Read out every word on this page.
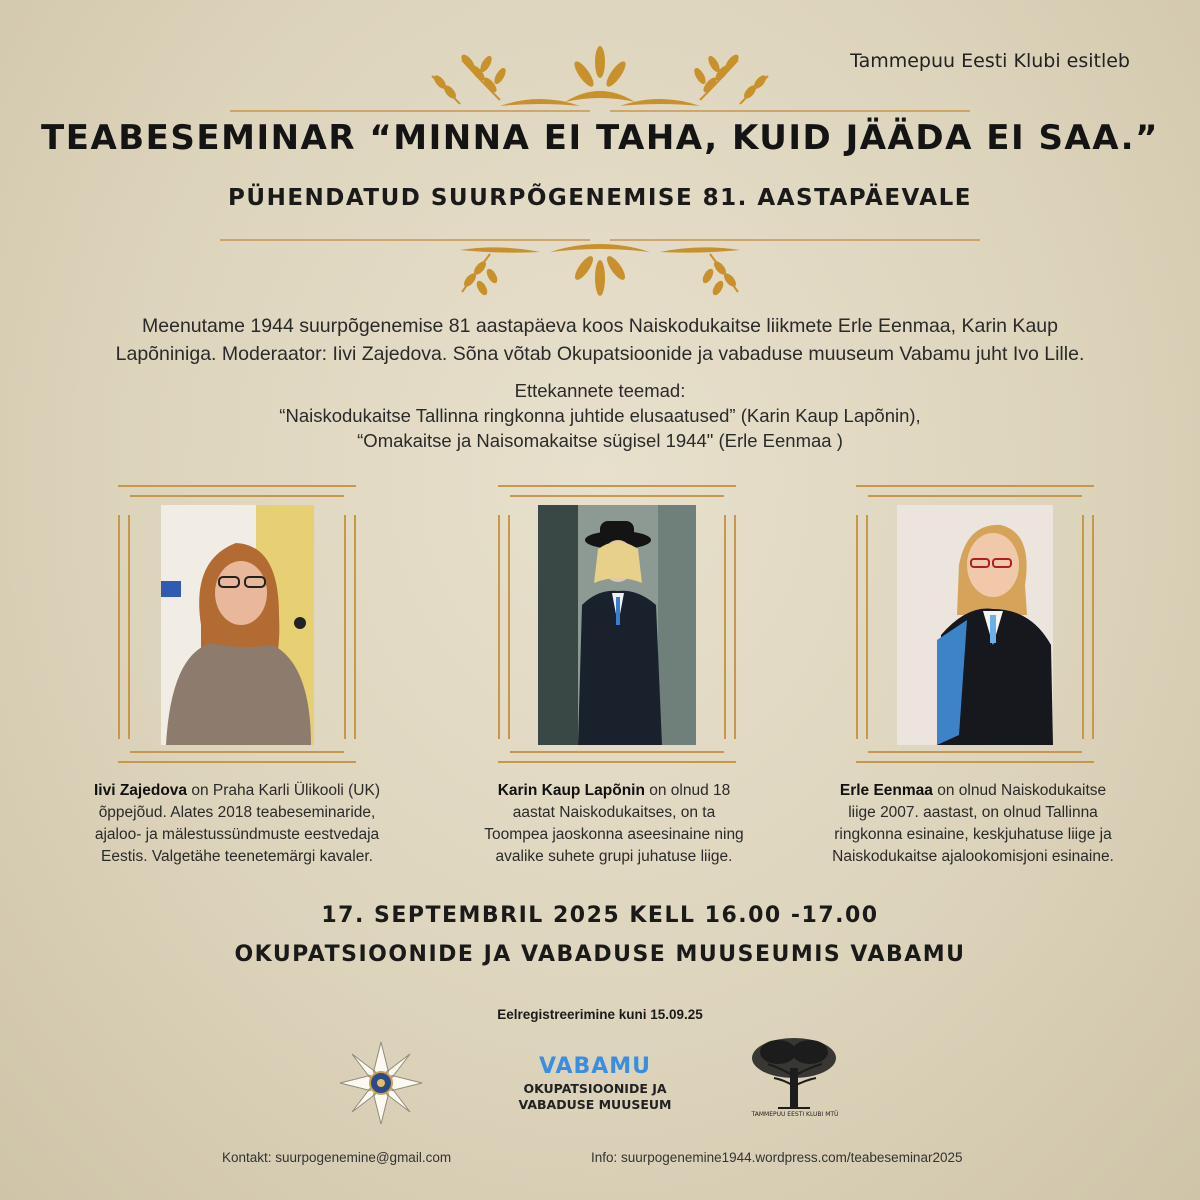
Tammepuu Eesti Klubi esitleb
TEABESEMINAR “MINNA EI TAHA, KUID JÄÄDA EI SAA.”
PÜHENDATUD SUURPÕGENEMISE 81. AASTAPÄEVALE
Meenutame 1944 suurpõgenemise 81 aastapäeva koos Naiskodukaitse liikmete Erle Eenmaa, Karin Kaup
Lapõniniga. Moderaator: Iivi Zajedova. Sõna võtab Okupatsioonide ja vabaduse muuseum Vabamu juht Ivo Lille.
Ettekannete teemad:
“Naiskodukaitse Tallinna ringkonna juhtide elusaatused” (Karin Kaup Lapõnin),
“Omakaitse ja Naisomakaitse sügisel 1944" (Erle Eenmaa )
Iivi Zajedova on Praha Karli Ülikooli (UK)
õppejõud. Alates 2018 teabeseminaride,
ajaloo- ja mälestussündmuste eestvedaja
Eestis. Valgetähe teenetemärgi kavaler.
Karin Kaup Lapõnin on olnud 18
aastat Naiskodukaitses, on ta
Toompea jaoskonna aseesinaine ning
avalike suhete grupi juhatuse liige.
Erle Eenmaa on olnud Naiskodukaitse
liige 2007. aastast, on olnud Tallinna
ringkonna esinaine, keskjuhatuse liige ja
Naiskodukaitse ajalookomisjoni esinaine.
17. SEPTEMBRIL 2025 KELL 16.00 -17.00
OKUPATSIOONIDE JA VABADUSE MUUSEUMIS VABAMU
Eelregistreerimine kuni 15.09.25
VABAMU
OKUPATSIOONIDE JA
VABADUSE MUUSEUM
TAMMEPUU EESTI KLUBI MTÜ
Kontakt: suurpogenemine@gmail.com	Info: suurpogenemine1944.wordpress.com/teabeseminar2025
